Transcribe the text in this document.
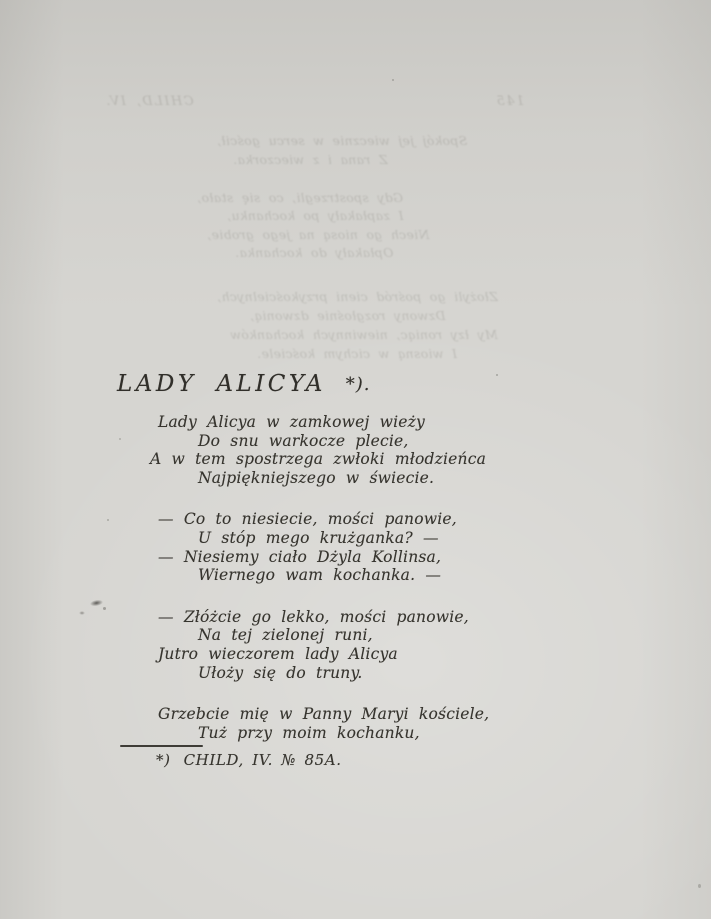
CHILD, IV.	145
Spokój jej wiecznie w sercu gościł,
Z rana i z wieczorka.
Gdy spostrzegli, co się stało,
I zapłakały po kochanku,
Niech go niosą na jego grobie,
Opłakały do kochanka.
Złożyli go pośród cieni przykościelnych,
Dzwony rozgłośnie dzwonią,
My łzy roniąc, niewinnych kochanków
I wiosną w cichym kościele.
LADY ALICYA *).
Lady Alicya w zamkowej wieży
Do snu warkocze plecie,
A w tem spostrzega zwłoki młodzieńca
Najpiękniejszego w świecie.
— Co to niesiecie, mości panowie,
U stóp mego krużganka? —
— Niesiemy ciało Dżyla Kollinsa,
Wiernego wam kochanka. —
— Złóżcie go lekko, mości panowie,
Na tej zielonej runi,
Jutro wieczorem lady Alicya
Ułoży się do truny.
Grzebcie mię w Panny Maryi kościele,
Tuż przy moim kochanku,
*) CHILD, IV. № 85A.
